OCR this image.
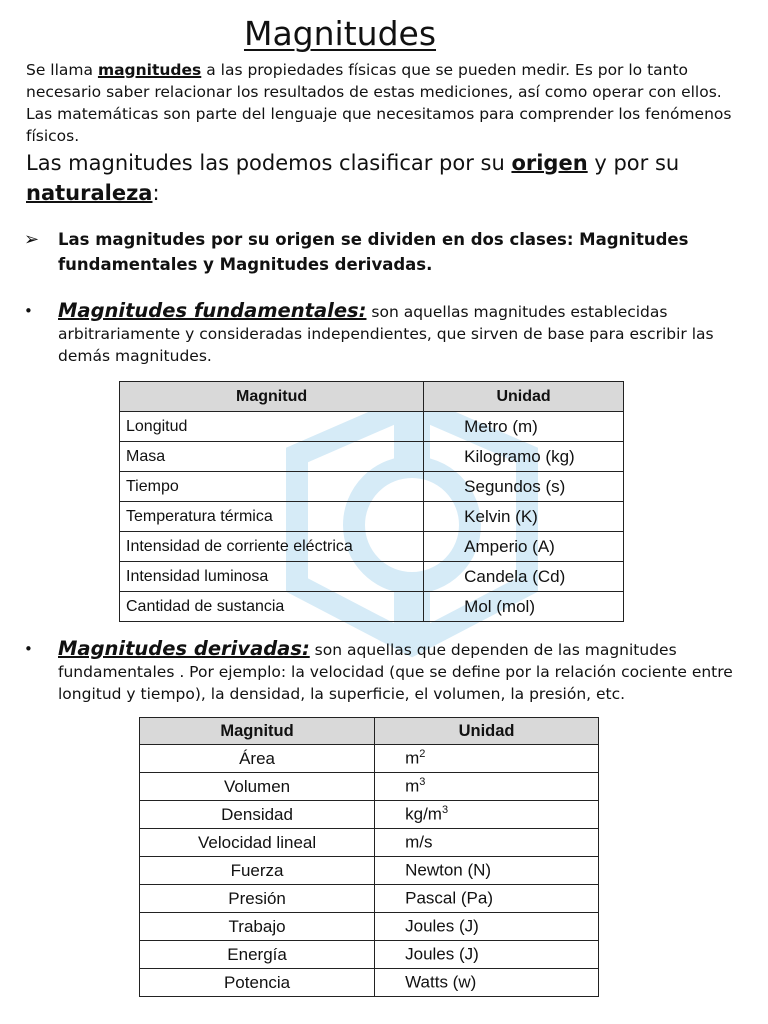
Magnitudes
Se llama magnitudes a las propiedades físicas que se pueden medir. Es por lo tanto necesario saber relacionar los resultados de estas mediciones, así como operar con ellos. Las matemáticas son parte del lenguaje que necesitamos para comprender los fenómenos físicos.
Las magnitudes las podemos clasificar por su origen y por su naturaleza:
➢	Las magnitudes por su origen se dividen en dos clases: Magnitudes fundamentales y Magnitudes derivadas.
•	Magnitudes fundamentales: son aquellas magnitudes establecidas arbitrariamente y consideradas independientes, que sirven de base para escribir las demás magnitudes.
Magnitud	Unidad
Longitud	Metro (m)
Masa	Kilogramo (kg)
Tiempo	Segundos (s)
Temperatura térmica	Kelvin (K)
Intensidad de corriente eléctrica	Amperio (A)
Intensidad luminosa	Candela (Cd)
Cantidad de sustancia	Mol (mol)
•	Magnitudes derivadas: son aquellas que dependen de las magnitudes fundamentales . Por ejemplo: la velocidad (que se define por la relación cociente entre longitud y tiempo), la densidad, la superficie, el volumen, la presión, etc.
Magnitud	Unidad
Área	$m^2$
Volumen	$m^3$
Densidad	$kg/m^3$
Velocidad lineal	m/s
Fuerza	Newton (N)
Presión	Pascal (Pa)
Trabajo	Joules (J)
Energía	Joules (J)
Potencia	Watts (w)
